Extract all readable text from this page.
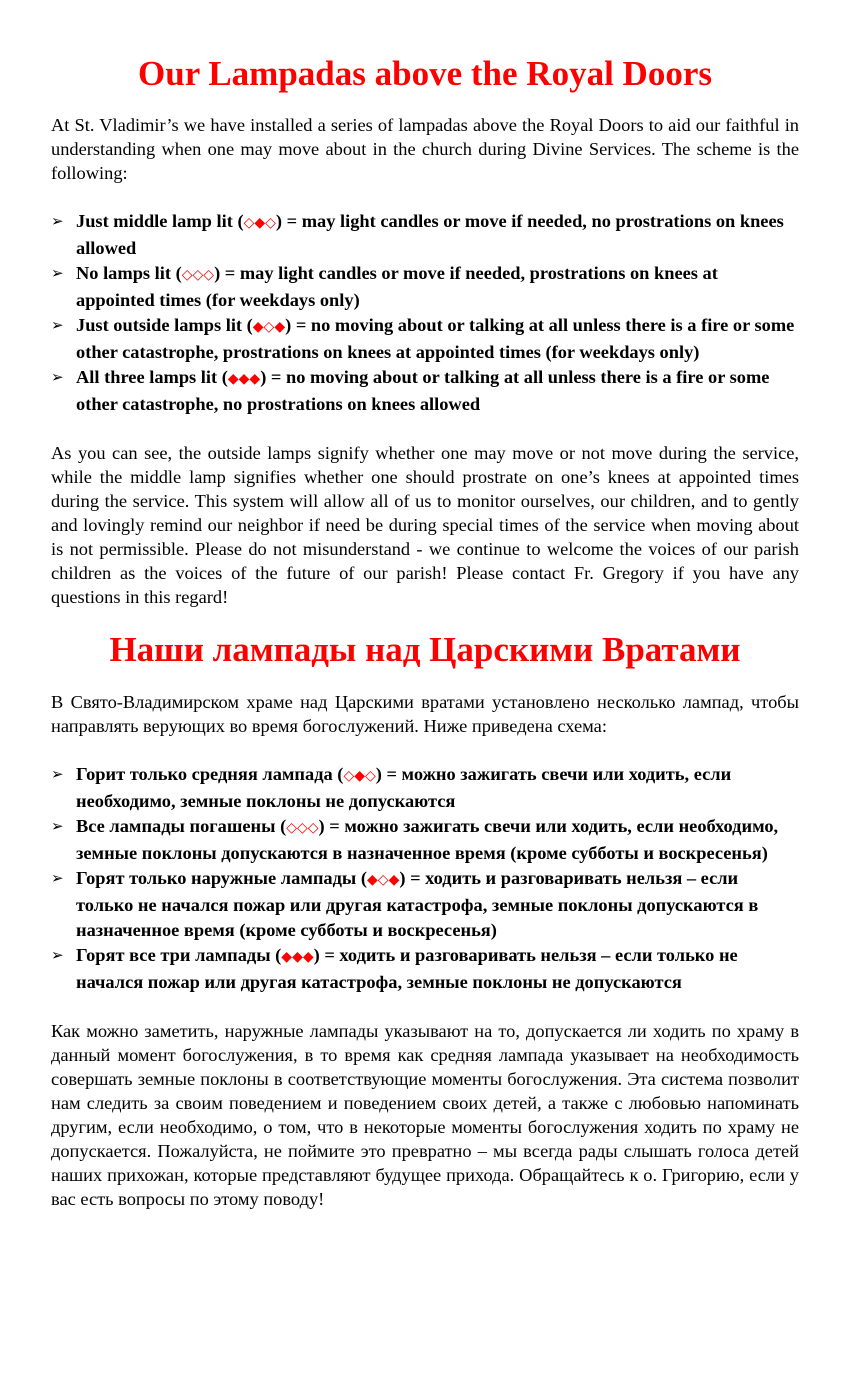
Our Lampadas above the Royal Doors

At St. Vladimir’s we have installed a series of lampadas above the Royal Doors to aid our faithful in understanding when one may move about in the church during Divine Services. The scheme is the following:

➢ Just middle lamp lit (◇◆◇) = may light candles or move if needed, no prostrations on knees allowed
➢ No lamps lit (◇◇◇) = may light candles or move if needed, prostrations on knees at appointed times (for weekdays only)
➢ Just outside lamps lit (◆◇◆) = no moving about or talking at all unless there is a fire or some other catastrophe, prostrations on knees at appointed times (for weekdays only)
➢ All three lamps lit (◆◆◆) = no moving about or talking at all unless there is a fire or some other catastrophe, no prostrations on knees allowed

As you can see, the outside lamps signify whether one may move or not move during the service, while the middle lamp signifies whether one should prostrate on one’s knees at appointed times during the service. This system will allow all of us to monitor ourselves, our children, and to gently and lovingly remind our neighbor if need be during special times of the service when moving about is not permissible. Please do not misunderstand - we continue to welcome the voices of our parish children as the voices of the future of our parish! Please contact Fr. Gregory if you have any questions in this regard!

Наши лампады над Царскими Вратами

В Свято-Владимирском храме над Царскими вратами установлено несколько лампад, чтобы направлять верующих во время богослужений. Ниже приведена схема:

➢ Горит только средняя лампада (◇◆◇) = можно зажигать свечи или ходить, если необходимо, земные поклоны не допускаются
➢ Все лампады погашены (◇◇◇) = можно зажигать свечи или ходить, если необходимо, земные поклоны допускаются в назначенное время (кроме субботы и воскресенья)
➢ Горят только наружные лампады (◆◇◆) = ходить и разговаривать нельзя – если только не начался пожар или другая катастрофа, земные поклоны допускаются в назначенное время (кроме субботы и воскресенья)
➢ Горят все три лампады (◆◆◆) = ходить и разговаривать нельзя – если только не начался пожар или другая катастрофа, земные поклоны не допускаются

Как можно заметить, наружные лампады указывают на то, допускается ли ходить по храму в данный момент богослужения, в то время как средняя лампада указывает на необходимость совершать земные поклоны в соответствующие моменты богослужения. Эта система позволит нам следить за своим поведением и поведением своих детей, а также с любовью напоминать другим, если необходимо, о том, что в некоторые моменты богослужения ходить по храму не допускается. Пожалуйста, не поймите это превратно – мы всегда рады слышать голоса детей наших прихожан, которые представляют будущее прихода. Обращайтесь к о. Григорию, если у вас есть вопросы по этому поводу!
